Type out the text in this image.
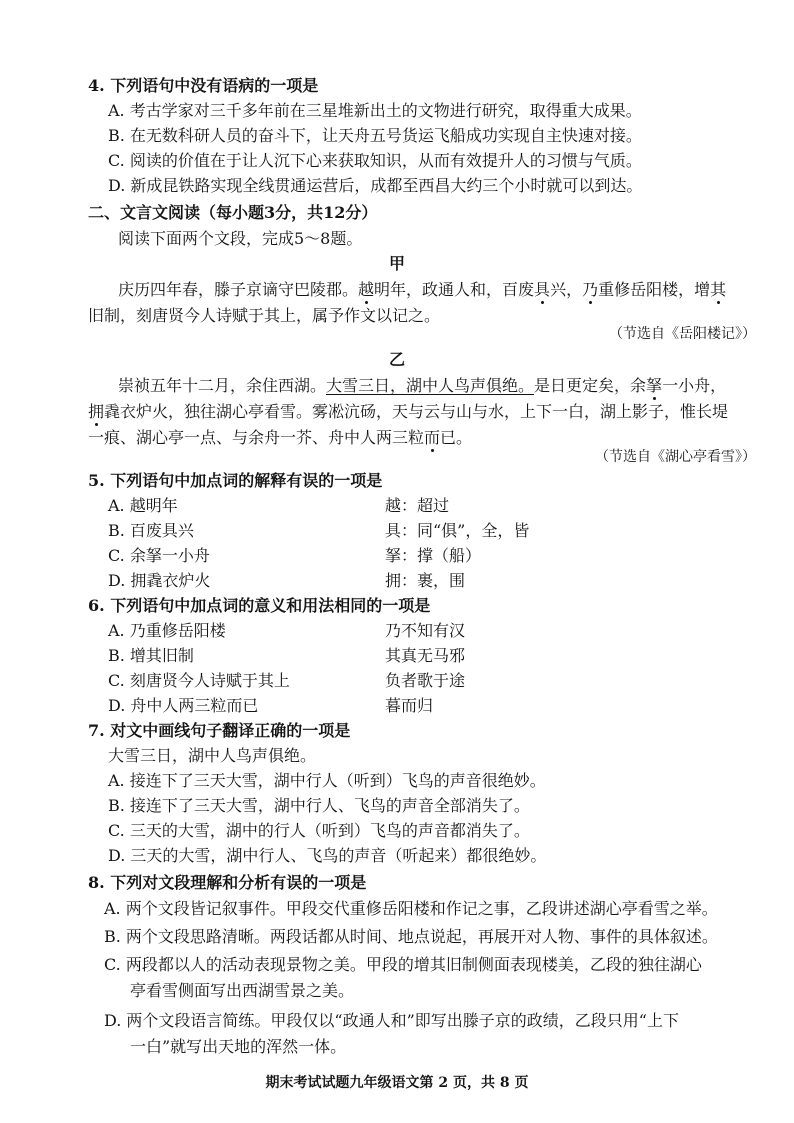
4. 下列语句中没有语病的一项是
A. 考古学家对三千多年前在三星堆新出土的文物进行研究，取得重大成果。
B. 在无数科研人员的奋斗下，让天舟五号货运飞船成功实现自主快速对接。
C. 阅读的价值在于让人沉下心来获取知识，从而有效提升人的习惯与气质。
D. 新成昆铁路实现全线贯通运营后，成都至西昌大约三个小时就可以到达。
二、文言文阅读（每小题3分，共12分）
阅读下面两个文段，完成5～8题。
甲
庆历四年春，滕子京谪守巴陵郡。越明年，政通人和，百废具兴，乃重修岳阳楼，增其
旧制，刻唐贤今人诗赋于其上，属予作文以记之。
（节选自《岳阳楼记》）
乙
崇祯五年十二月，余住西湖。大雪三日，湖中人鸟声俱绝。是日更定矣，余拏一小舟，
拥毳衣炉火，独往湖心亭看雪。雾凇沆砀，天与云与山与水，上下一白，湖上影子，惟长堤
一痕、湖心亭一点、与余舟一芥、舟中人两三粒而已。
（节选自《湖心亭看雪》）
5. 下列语句中加点词的解释有误的一项是
A. 越明年	越：超过
B. 百废具兴	具：同“俱”，全，皆
C. 余拏一小舟	拏：撑（船）
D. 拥毳衣炉火	拥：裹，围
6. 下列语句中加点词的意义和用法相同的一项是
A. 乃重修岳阳楼	乃不知有汉
B. 增其旧制	其真无马邪
C. 刻唐贤今人诗赋于其上	负者歌于途
D. 舟中人两三粒而已	暮而归
7. 对文中画线句子翻译正确的一项是
大雪三日，湖中人鸟声俱绝。
A. 接连下了三天大雪，湖中行人（听到）飞鸟的声音很绝妙。
B. 接连下了三天大雪，湖中行人、飞鸟的声音全部消失了。
C. 三天的大雪，湖中的行人（听到）飞鸟的声音都消失了。
D. 三天的大雪，湖中行人、飞鸟的声音（听起来）都很绝妙。
8. 下列对文段理解和分析有误的一项是
A. 两个文段皆记叙事件。甲段交代重修岳阳楼和作记之事，乙段讲述湖心亭看雪之举。
B. 两个文段思路清晰。两段话都从时间、地点说起，再展开对人物、事件的具体叙述。
C. 两段都以人的活动表现景物之美。甲段的增其旧制侧面表现楼美，乙段的独往湖心
亭看雪侧面写出西湖雪景之美。
D. 两个文段语言简练。甲段仅以“政通人和”即写出滕子京的政绩，乙段只用“上下
一白”就写出天地的浑然一体。
期末考试试题九年级语文第 2 页，共 8 页
